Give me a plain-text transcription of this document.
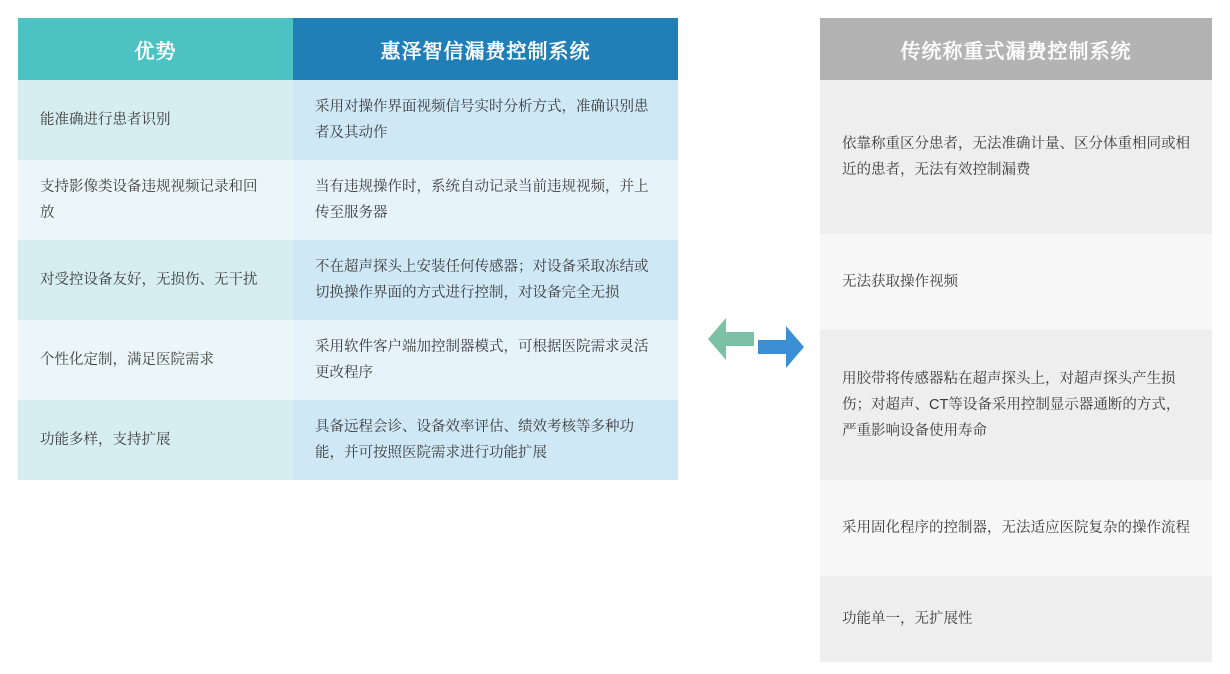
优势	惠泽智信漏费控制系统
能准确进行患者识别
采用对操作界面视频信号实时分析方式，准确识别患者及其动作
支持影像类设备违规视频记录和回放
当有违规操作时，系统自动记录当前违规视频，并上传至服务器
对受控设备友好，无损伤、无干扰
不在超声探头上安装任何传感器；对设备采取冻结或切换操作界面的方式进行控制，对设备完全无损
个性化定制，满足医院需求
采用软件客户端加控制器模式，可根据医院需求灵活更改程序
功能多样，支持扩展
具备远程会诊、设备效率评估、绩效考核等多种功能，并可按照医院需求进行功能扩展
传统称重式漏费控制系统
依靠称重区分患者，无法准确计量、区分体重相同或相近的患者，无法有效控制漏费
无法获取操作视频
用胶带将传感器粘在超声探头上，对超声探头产生损伤；对超声、CT等设备采用控制显示器通断的方式，严重影响设备使用寿命
采用固化程序的控制器，无法适应医院复杂的操作流程
功能单一，无扩展性
